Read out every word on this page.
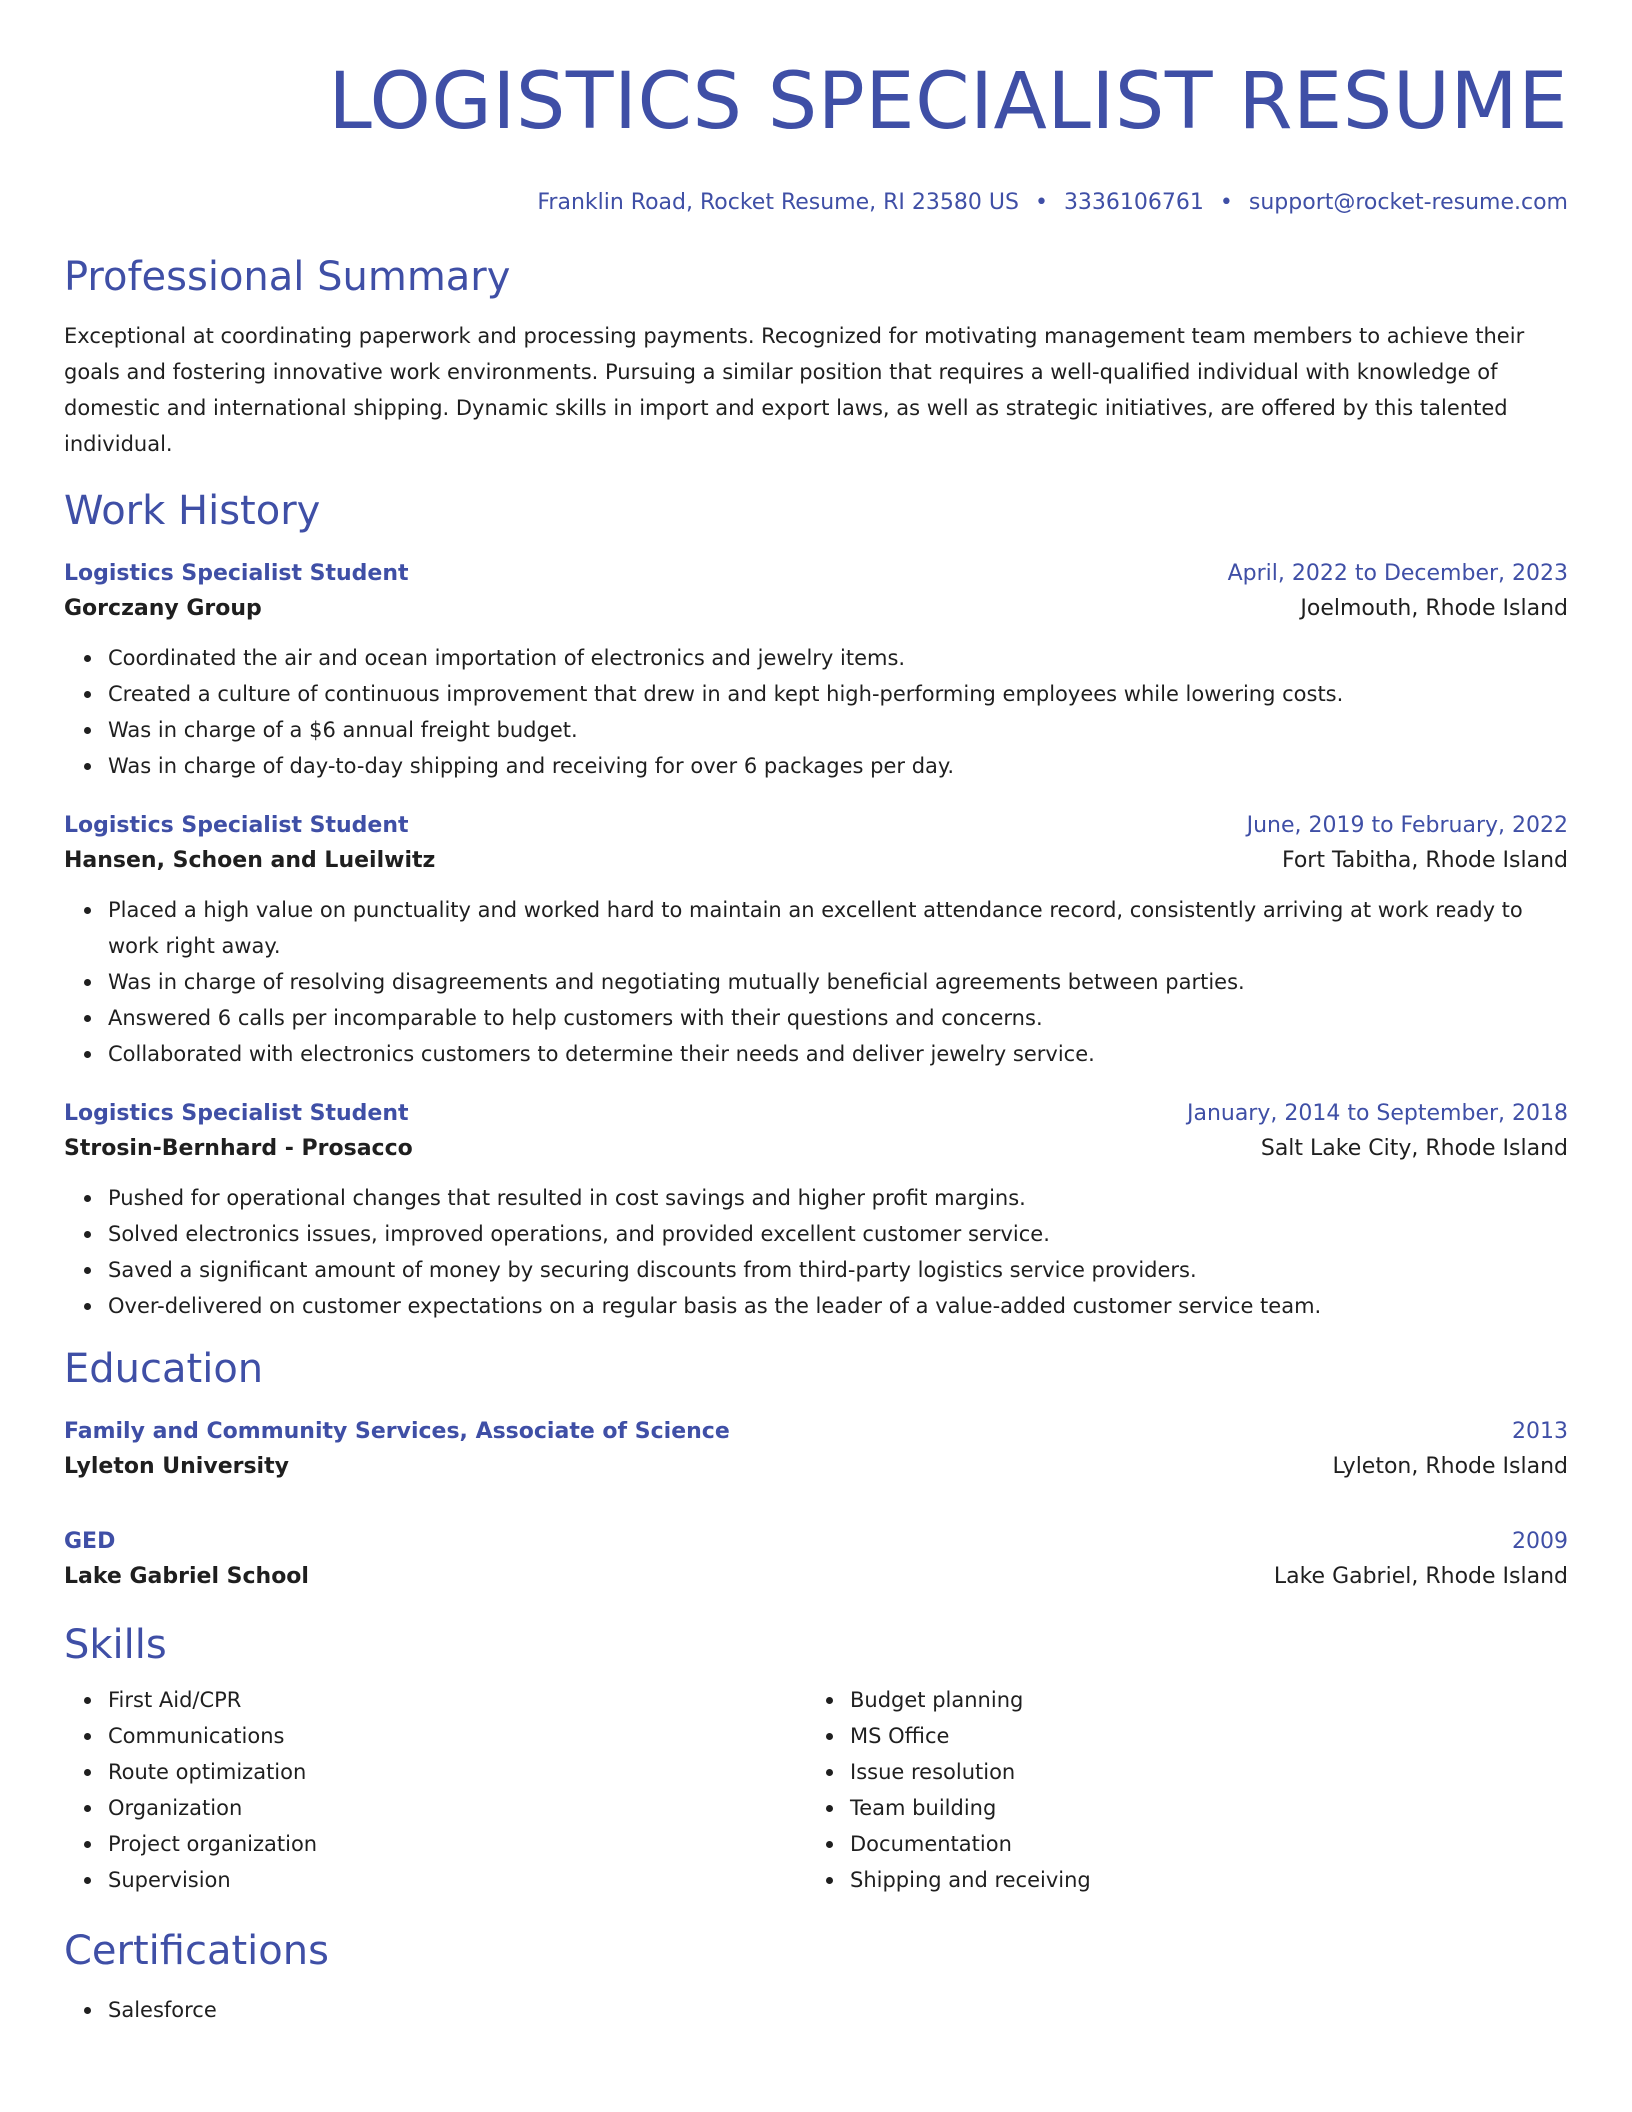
LOGISTICS SPECIALIST RESUME
Franklin Road, Rocket Resume, RI 23580 US • 3336106761 • support@rocket-resume.com
Professional Summary

Exceptional at coordinating paperwork and processing payments. Recognized for motivating management team members to achieve their goals and fostering innovative work environments. Pursuing a similar position that requires a well-qualified individual with knowledge of domestic and international shipping. Dynamic skills in import and export laws, as well as strategic initiatives, are offered by this talented individual.

Work History
Logistics Specialist Student	April, 2022 to December, 2023
Gorczany Group	Joelmouth, Rhode Island
Coordinated the air and ocean importation of electronics and jewelry items.
Created a culture of continuous improvement that drew in and kept high-performing employees while lowering costs.
Was in charge of a $6 annual freight budget.
Was in charge of day-to-day shipping and receiving for over 6 packages per day.
Logistics Specialist Student	June, 2019 to February, 2022
Hansen, Schoen and Lueilwitz	Fort Tabitha, Rhode Island
Placed a high value on punctuality and worked hard to maintain an excellent attendance record, consistently arriving at work ready to work right away.
Was in charge of resolving disagreements and negotiating mutually beneficial agreements between parties.
Answered 6 calls per incomparable to help customers with their questions and concerns.
Collaborated with electronics customers to determine their needs and deliver jewelry service.
Logistics Specialist Student	January, 2014 to September, 2018
Strosin-Bernhard - Prosacco	Salt Lake City, Rhode Island
Pushed for operational changes that resulted in cost savings and higher profit margins.
Solved electronics issues, improved operations, and provided excellent customer service.
Saved a significant amount of money by securing discounts from third-party logistics service providers.
Over-delivered on customer expectations on a regular basis as the leader of a value-added customer service team.
Education
Family and Community Services, Associate of Science	2013
Lyleton University	Lyleton, Rhode Island
GED	2009
Lake Gabriel School	Lake Gabriel, Rhode Island
Skills
First Aid/CPR
Communications
Route optimization
Organization
Project organization
Supervision
Budget planning
MS Office
Issue resolution
Team building
Documentation
Shipping and receiving
Certifications
Salesforce
